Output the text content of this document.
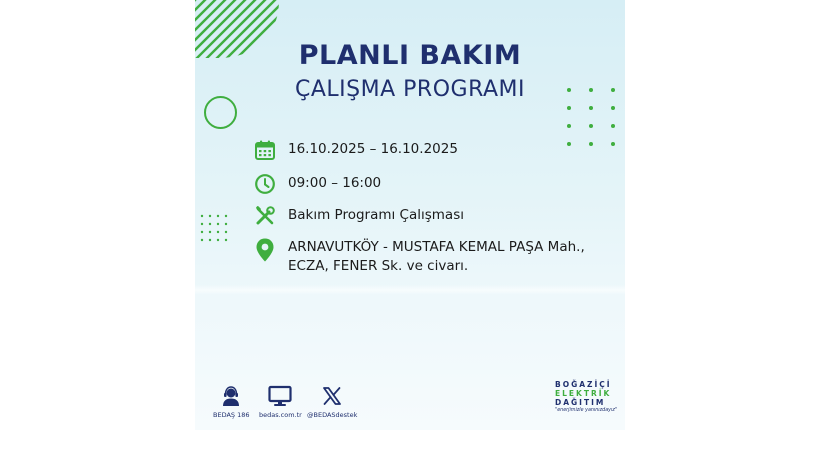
PLANLI BAKIM
ÇALIŞMA PROGRAMI
16.10.2025 – 16.10.2025
09:00 – 16:00
Bakım Programı Çalışması
ARNAVUTKÖY - MUSTAFA KEMAL PAŞA Mah.,
ECZA, FENER Sk. ve civarı.
BEDAŞ 186 bedas.com.tr @BEDASdestek
BOĞAZİÇİ
ELEKTRİK
DAĞITIM
"enerjimizle yanınızdayız"
